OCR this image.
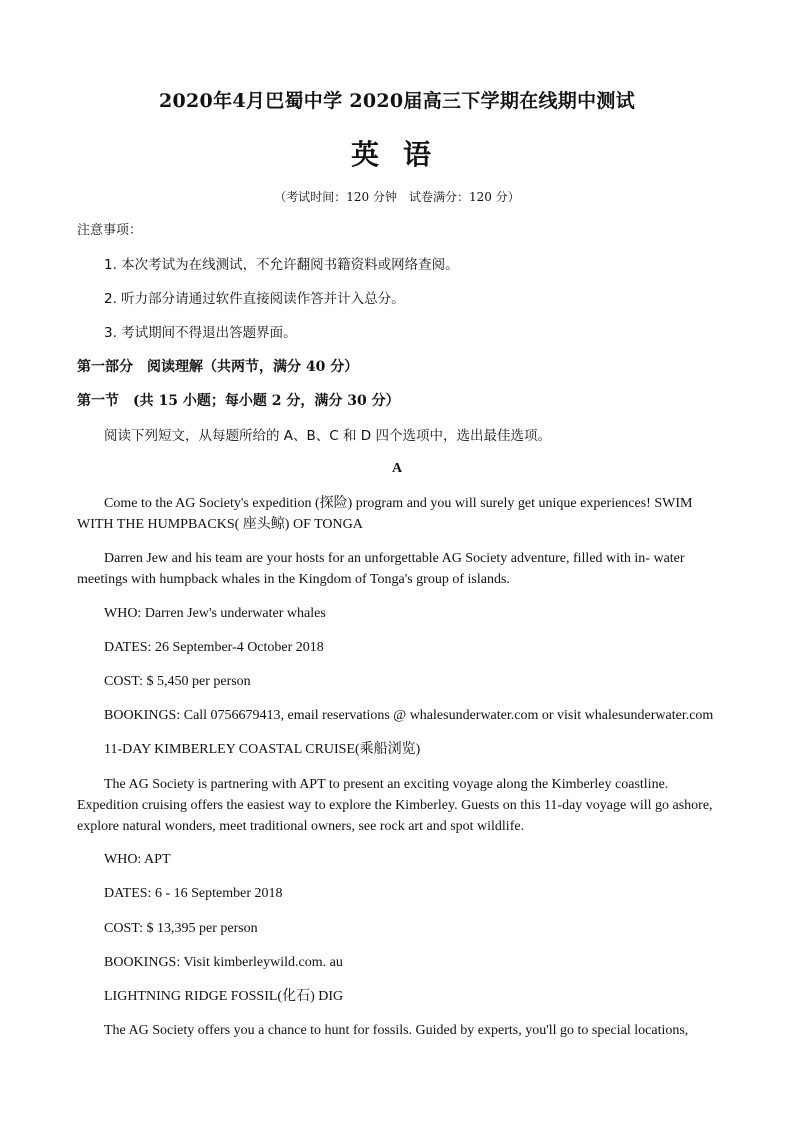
2020年4月巴蜀中学 2020届高三下学期在线期中测试
英语
（考试时间：120 分钟　试卷满分：120 分）
注意事项：
1. 本次考试为在线测试，不允许翻阅书籍资料或网络查阅。
2. 听力部分请通过软件直接阅读作答并计入总分。
3. 考试期间不得退出答题界面。
第一部分　阅读理解（共两节，满分 40 分）
第一节　(共 15 小题；每小题 2 分，满分 30 分）
阅读下列短文，从每题所给的 A、B、C 和 D 四个选项中，选出最佳选项。
A
Come to the AG Society's expedition (探险) program and you will surely get unique experiences! SWIM
WITH THE HUMPBACKS( 座头鲸) OF TONGA
Darren Jew and his team are your hosts for an unforgettable AG Society adventure, filled with in- water
meetings with humpback whales in the Kingdom of Tonga's group of islands.
WHO: Darren Jew's underwater whales
DATES: 26 September-4 October 2018
COST: $ 5,450 per person
BOOKINGS: Call 0756679413, email reservations @ whalesunderwater.com or visit whalesunderwater.com
11-DAY KIMBERLEY COASTAL CRUISE(乘船浏览)
The AG Society is partnering with APT to present an exciting voyage along the Kimberley coastline.
Expedition cruising offers the easiest way to explore the Kimberley. Guests on this 11-day voyage will go ashore,
explore natural wonders, meet traditional owners, see rock art and spot wildlife.
WHO: APT
DATES: 6 - 16 September 2018
COST: $ 13,395 per person
BOOKINGS: Visit kimberleywild.com. au
LIGHTNING RIDGE FOSSIL(化石) DIG
The AG Society offers you a chance to hunt for fossils. Guided by experts, you'll go to special locations,
